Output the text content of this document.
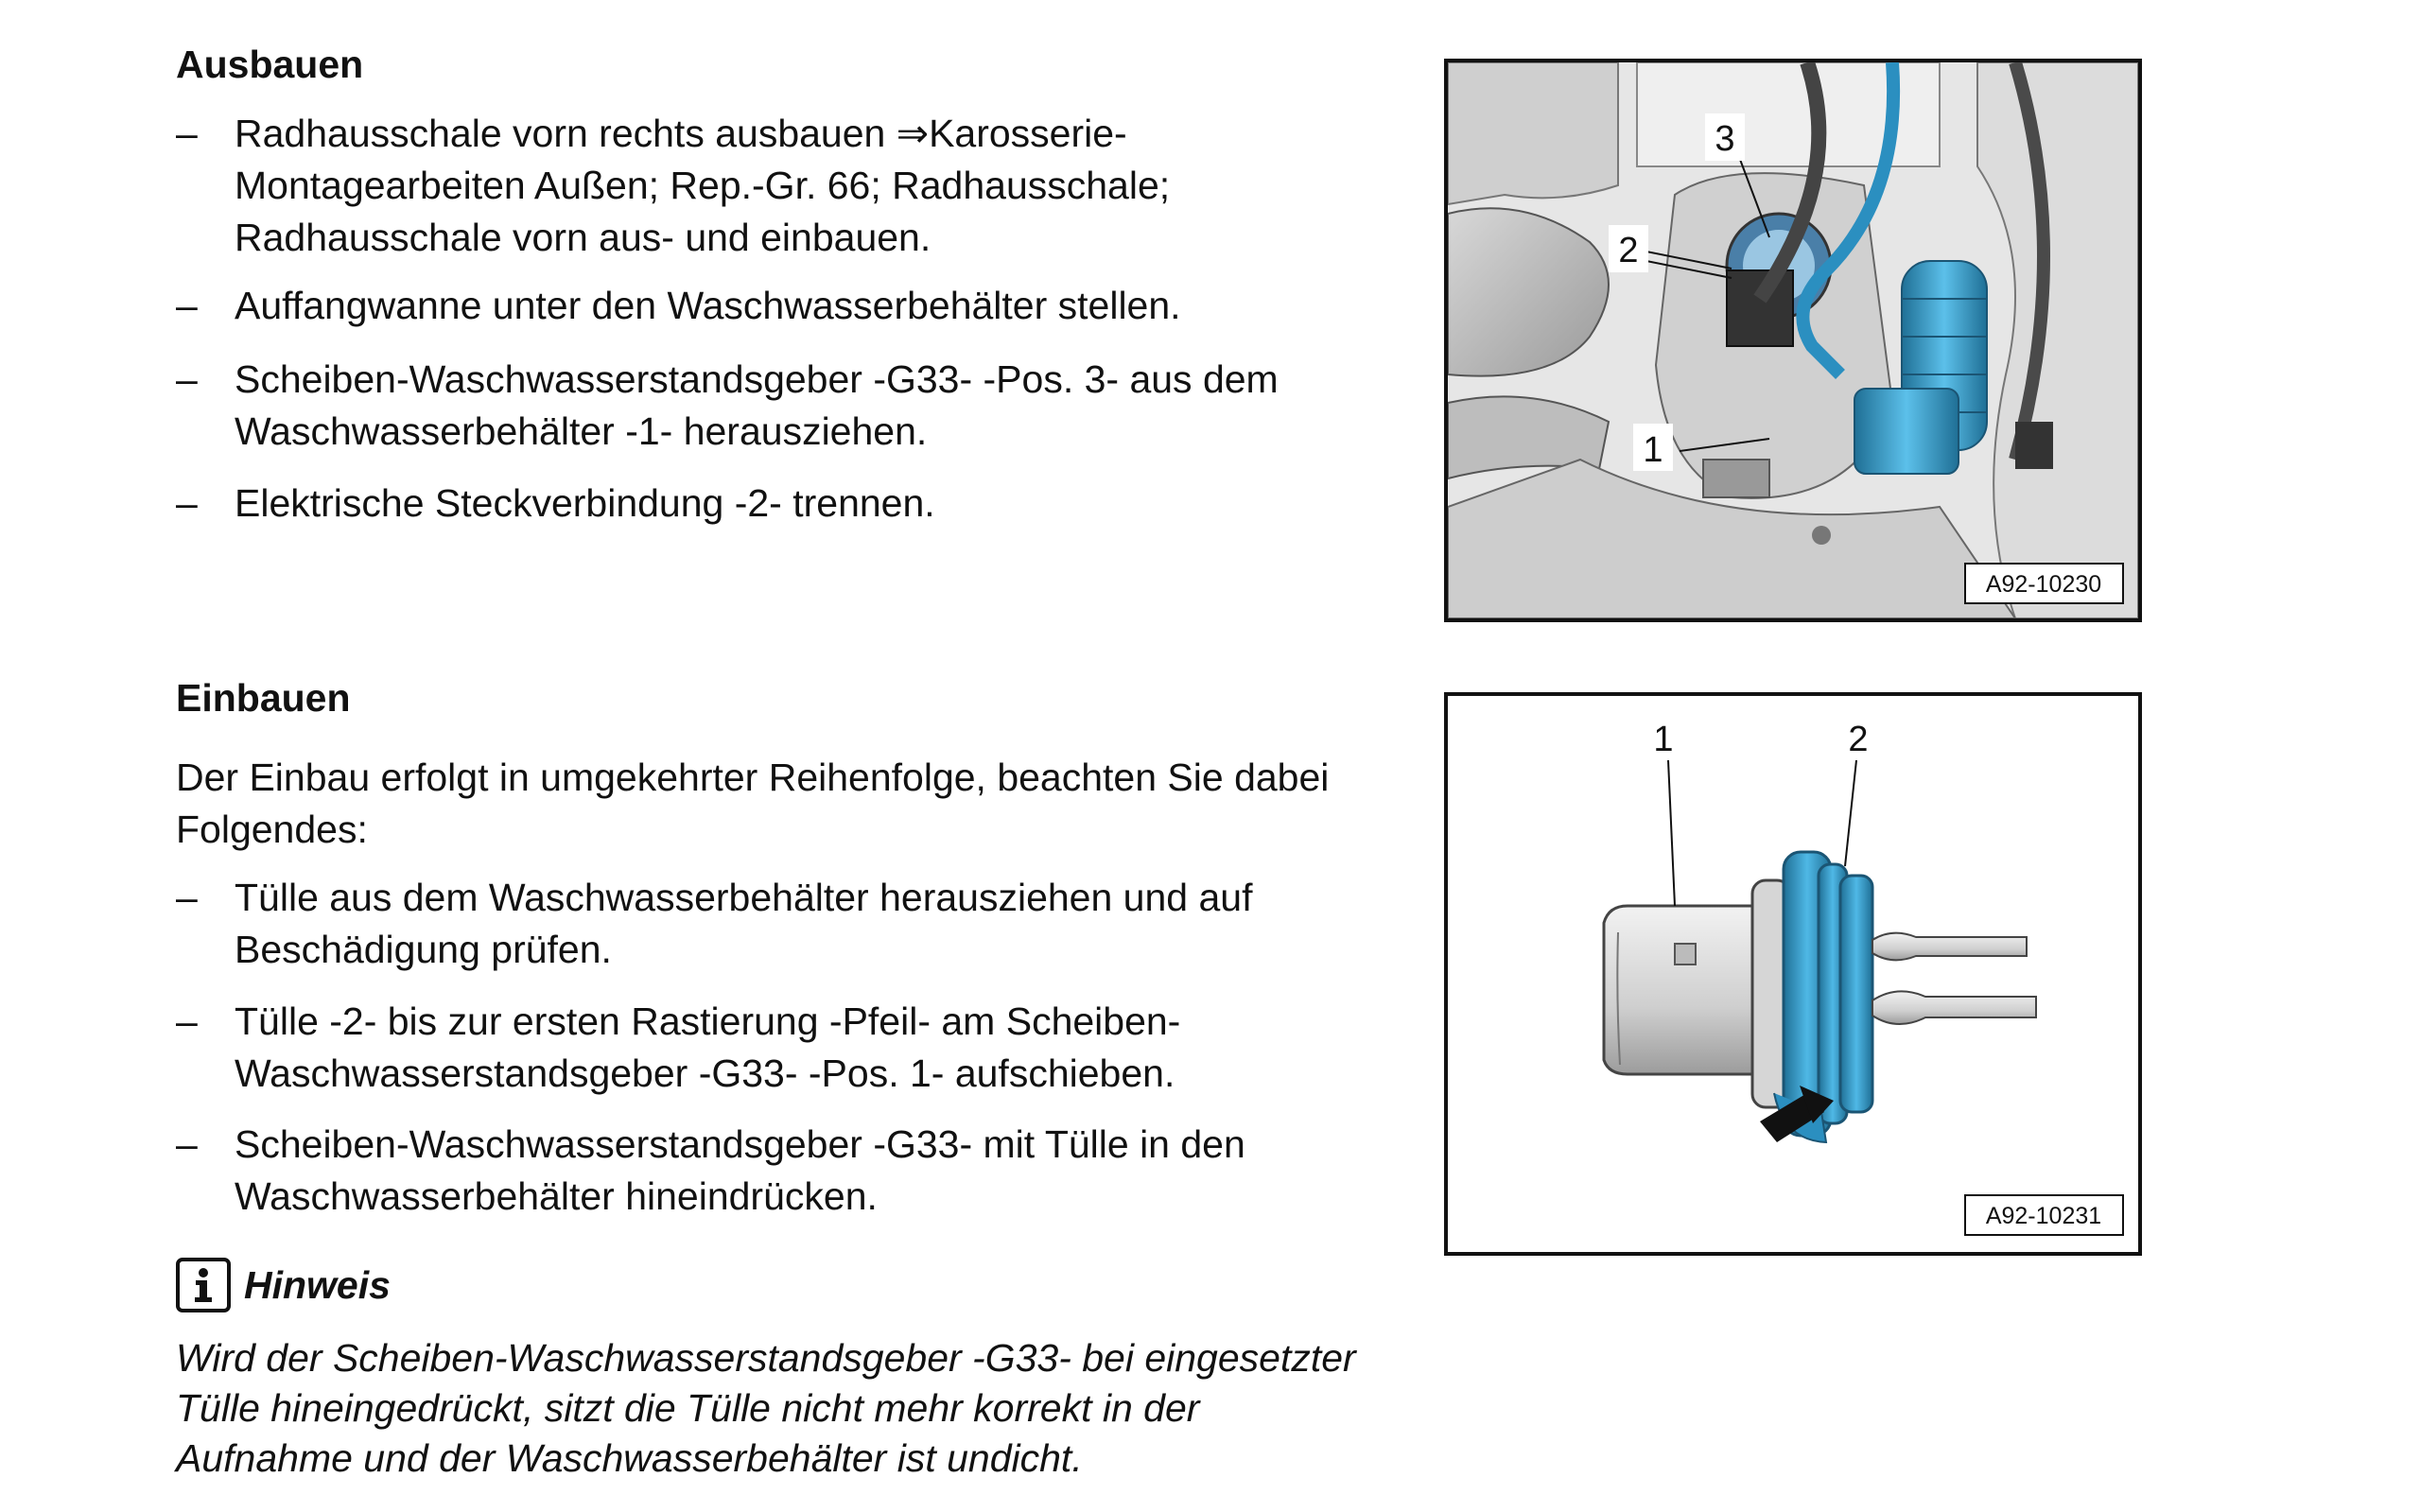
Ausbauen
– Radhausschale vorn rechts ausbauen ⇒Karosserie-Montagearbeiten Außen; Rep.-Gr. 66; Radhausschale; Radhausschale vorn aus- und einbauen.
– Auffangwanne unter den Waschwasserbehälter stellen.
– Scheiben-Waschwasserstandsgeber -G33- -Pos. 3- aus dem Waschwasserbehälter -1- herausziehen.
– Elektrische Steckverbindung -2- trennen.
Einbauen
Der Einbau erfolgt in umgekehrter Reihenfolge, beachten Sie dabei Folgendes:
– Tülle aus dem Waschwasserbehälter herausziehen und auf Beschädigung prüfen.
– Tülle -2- bis zur ersten Rastierung -Pfeil- am Scheiben-Waschwasserstandsgeber -G33- -Pos. 1- aufschieben.
– Scheiben-Waschwasserstandsgeber -G33- mit Tülle in den Waschwasserbehälter hineindrücken.
Hinweis
Wird der Scheiben-Waschwasserstandsgeber -G33- bei eingesetzter Tülle hineingedrückt, sitzt die Tülle nicht mehr korrekt in der Aufnahme und der Waschwasserbehälter ist undicht.
3
2
1
A92-10230
1	2
A92-10231
